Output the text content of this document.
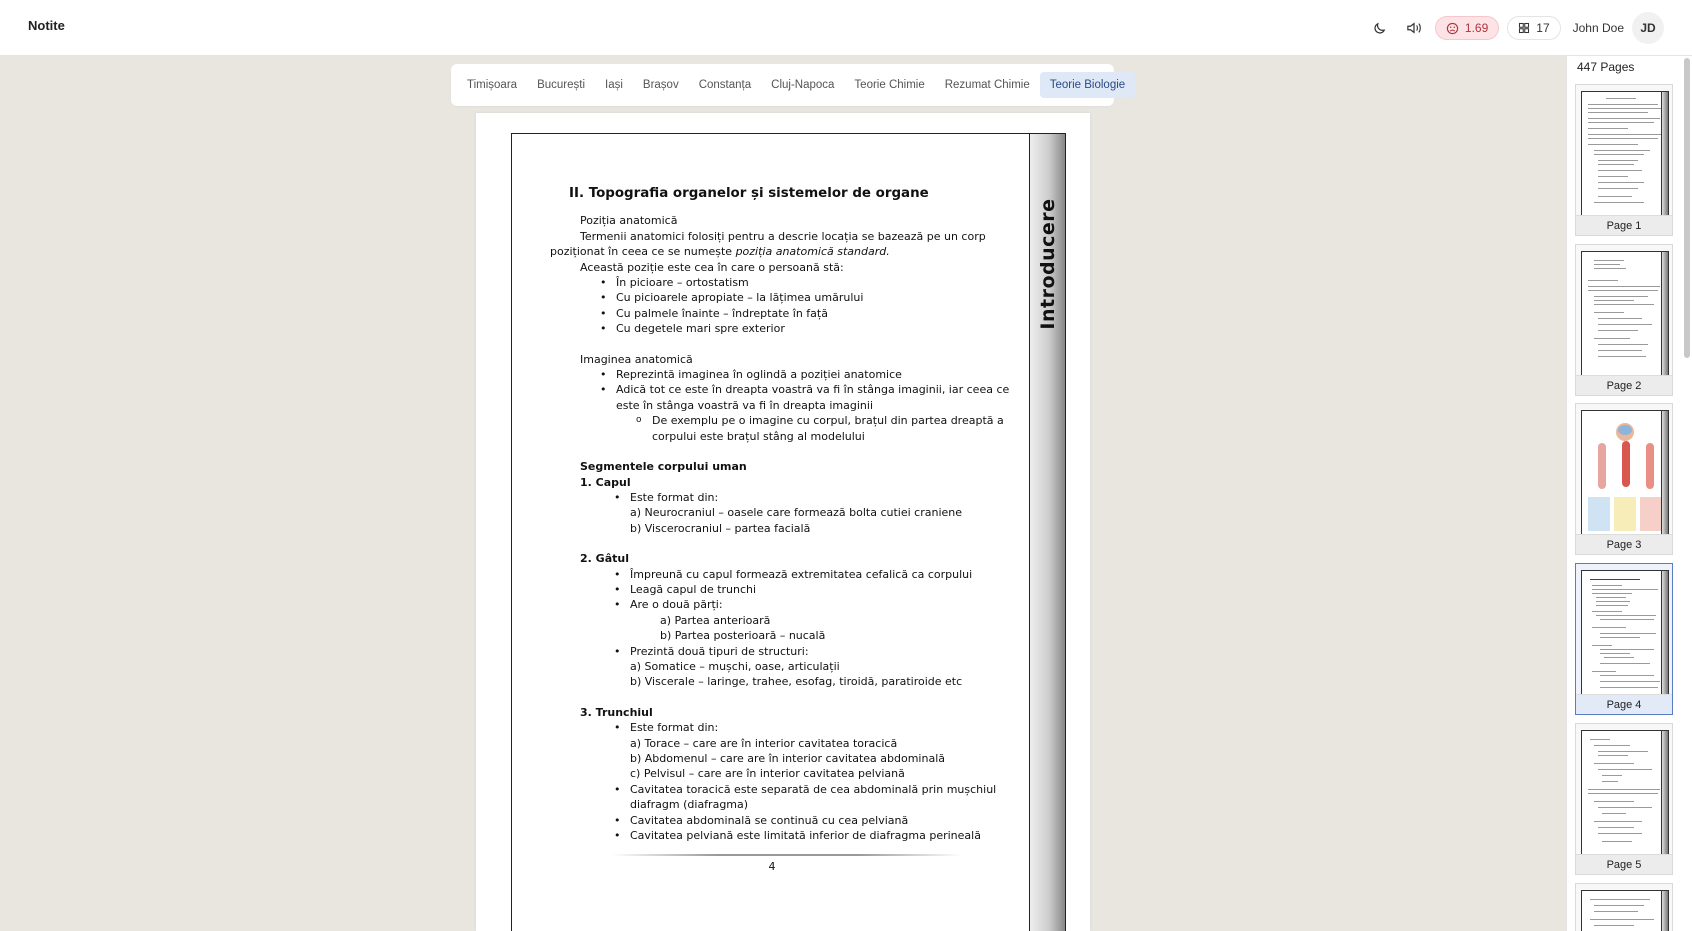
Notite	1.69	17 John Doe	JD
Timișoara	București	Iași	Brașov	Constanța	Cluj-Napoca	Teorie Chimie	Rezumat Chimie	Teorie Biologie
Introducere
II. Topografia organelor și sistemelor de organe
Poziția anatomică
Termenii anatomici folosiți pentru a descrie locația se bazează pe un corp poziționat în ceea ce se numește poziția anatomică standard.
Această poziție este cea în care o persoană stă:
• În picioare – ortostatism
• Cu picioarele apropiate – la lățimea umărului
• Cu palmele înainte – îndreptate în față
• Cu degetele mari spre exterior
Imaginea anatomică
• Reprezintă imaginea în oglindă a poziției anatomice
• Adică tot ce este în dreapta voastră va fi în stânga imaginii, iar ceea ce este în stânga voastră va fi în dreapta imaginii
o De exemplu pe o imagine cu corpul, brațul din partea dreaptă a corpului este brațul stâng al modelului
Segmentele corpului uman
1. Capul
• Este format din:
a) Neurocraniul – oasele care formează bolta cutiei craniene
b) Viscerocraniul – partea facială
2. Gâtul
• Împreună cu capul formează extremitatea cefalică ca corpului
• Leagă capul de trunchi
• Are o două părți:
a) Partea anterioară
b) Partea posterioară – nucală
• Prezintă două tipuri de structuri:
a) Somatice – mușchi, oase, articulații
b) Viscerale – laringe, trahee, esofag, tiroidă, paratiroide etc
3. Trunchiul
• Este format din:
a) Torace – care are în interior cavitatea toracică
b) Abdomenul – care are în interior cavitatea abdominală
c) Pelvisul – care are în interior cavitatea pelviană
• Cavitatea toracică este separată de cea abdominală prin mușchiul diafragm (diafragma)
• Cavitatea abdominală se continuă cu cea pelviană
• Cavitatea pelviană este limitată inferior de diafragma perineală
4
447 Pages
Page 1
Page 2
Page 3
Page 4
Page 5
